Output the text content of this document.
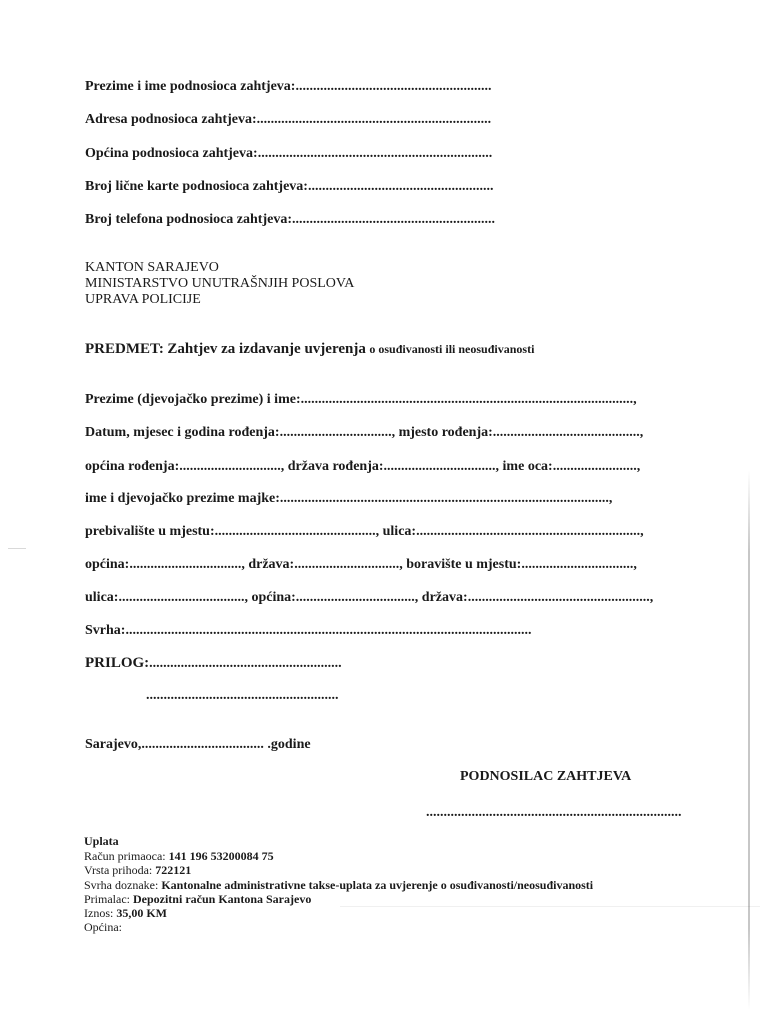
Prezime i ime podnosioca zahtjeva:........................................................
Adresa podnosioca zahtjeva:...................................................................
Općina podnosioca zahtjeva:...................................................................
Broj lične karte podnosioca zahtjeva:.....................................................
Broj telefona podnosioca zahtjeva:..........................................................
KANTON SARAJEVO
MINISTARSTVO UNUTRAŠNJIH POSLOVA
UPRAVA POLICIJE
PREDMET: Zahtjev za izdavanje uvjerenja o osuđivanosti ili neosuđivanosti
Prezime (djevojačko prezime) i ime:...............................................................................................,
Datum, mjesec i godina rođenja:................................, mjesto rođenja:..........................................,
općina rođenja:............................., država rođenja:................................, ime oca:........................,
ime i djevojačko prezime majke:..............................................................................................,
prebivalište u mjestu:.............................................., ulica:................................................................,
općina:................................, država:.............................., boravište u mjestu:................................,
ulica:...................................., općina:.................................., država:....................................................,
Svrha:....................................................................................................................
PRILOG:.......................................................
.......................................................
Sarajevo,................................... .godine
PODNOSILAC ZAHTJEVA
.........................................................................
Uplata
Račun primaoca: 141 196 53200084 75
Vrsta prihoda: 722121
Svrha doznake: Kantonalne administrativne takse-uplata za uvjerenje o osuđivanosti/neosuđivanosti
Primalac: Depozitni račun Kantona Sarajevo
Iznos: 35,00 KM
Općina:
